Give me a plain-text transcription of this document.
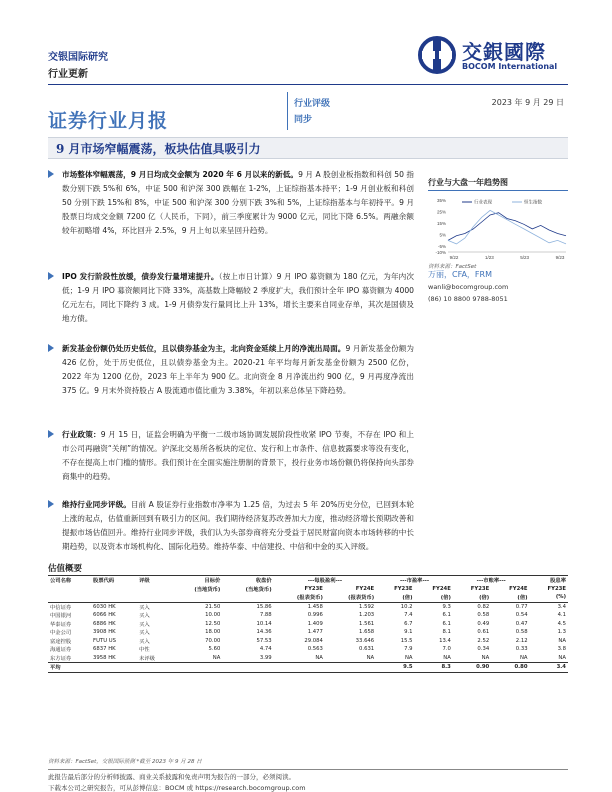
交银国际研究
行业更新
交銀國際
BOCOM International
证券行业月报
行业评级
同步
2023 年 9 月 29 日
9 月市场窄幅震荡，板块估值具吸引力
市场整体窄幅震荡，9 月日均成交金额为 2020 年 6 月以来的新低。9 月 A 股创业板指数和科创 50 指数分别下跌 5%和 6%，中证 500 和沪深 300 跌幅在 1-2%，上证综指基本持平；1-9 月创业板和科创 50 分别下跌 15%和 8%，中证 500 和沪深 300 分别下跌 3%和 5%，上证综指基本与年初持平。9 月股票日均成交金额 7200 亿（人民币，下同），前三季度累计为 9000 亿元，同比下降 6.5%。两融余额较年初略增 4%，环比回升 2.5%，9 月上旬以来呈回升趋势。
IPO 发行阶段性放缓，债券发行量增速提升。（按上市日计算）9 月 IPO 募资额为 180 亿元，为年内次低；1-9 月 IPO 募资额同比下降 33%，高基数上降幅较 2 季度扩大，我们预计全年 IPO 募资额为 4000 亿元左右，同比下降约 3 成。1-9 月债券发行量同比上升 13%，增长主要来自同业存单，其次是国债及地方债。
新发基金份额仍处历史低位，且以债券基金为主，北向资金延续上月的净流出局面。9 月新发基金份额为 426 亿份，处于历史低位，且以债券基金为主。2020-21 年平均每月新发基金份额为 2500 亿份，2022 年为 1200 亿份，2023 年上半年为 900 亿。北向资金 8 月净流出约 900 亿，9 月再度净流出 375 亿。9 月末外资持股占 A 股流通市值比重为 3.38%，年初以来总体呈下降趋势。
行业政策：9 月 15 日，证监会明确为平衡一二级市场协调发展阶段性收紧 IPO 节奏，不存在 IPO 和上市公司再融资“关闸”的情况。沪深北交易所各板块的定位、发行和上市条件、信息披露要求等没有变化，不存在提高上市门槛的情形。我们预计在全面实施注册制的背景下，投行业务市场份额仍将保持向头部券商集中的趋势。
维持行业同步评级。目前 A 股证券行业指数市净率为 1.25 倍，为过去 5 年 20%历史分位，已回到本轮上涨的起点，估值重新回到有吸引力的区间。我们期待经济复苏改善加大力度，推动经济增长预期改善和提振市场估值回升。维持行业同步评级，我们认为头部券商将充分受益于居民财富向资本市场转移的中长期趋势，以及资本市场机构化、国际化趋势。维持华泰、中信建投、中信和中金的买入评级。
行业与大盘一年趋势图
35%
25%
15%
5%
-5%
-10%
9/22	1/23	5/23	9/23
行业表现	恒生指数
资料来源：FactSet
万丽，CFA，FRM
wanli@bocomgroup.com
(86) 10 8800 9788-8051
估值概要
公司名称	股票代码	评级	目标价	收盘价	---每股盈利---		---市盈率---		---市账率---		股息率
			(当地货币)	(当地货币)	FY23E	FY24E	FY23E	FY24E	FY23E	FY24E	FY23E
					(报表货币)	(报表货币)	(倍)	(倍)	(倍)	(倍)	(%)
中信证券	6030 HK	买入	21.50	15.86	1.458	1.592	10.2	9.3	0.82	0.77	3.4
中国银河	6066 HK	买入	10.00	7.88	0.996	1.203	7.4	6.1	0.58	0.54	4.1
华泰证券	6886 HK	买入	12.50	10.14	1.409	1.561	6.7	6.1	0.49	0.47	4.5
中金公司	3908 HK	买入	18.00	14.36	1.477	1.658	9.1	8.1	0.61	0.58	1.3
富途控股	FUTU US	买入	70.00	57.53	29.084	33.646	15.5	13.4	2.52	2.12	NA
海通证券	6837 HK	中性	5.60	4.74	0.563	0.631	7.9	7.0	0.34	0.33	3.8
东方证券	3958 HK	未评级	NA	3.99	NA	NA	NA	NA	NA	NA	NA
平均							9.5	8.3	0.90	0.80	3.4
资料来源：FactSet，交银国际预测 *截至 2023 年 9 月 28 日
此报告最后部分的分析师披露、商业关系披露和免责声明为报告的一部分，必须阅读。
下载本公司之研究报告，可从彭博信息：BOCM 或 https://research.bocomgroup.com
